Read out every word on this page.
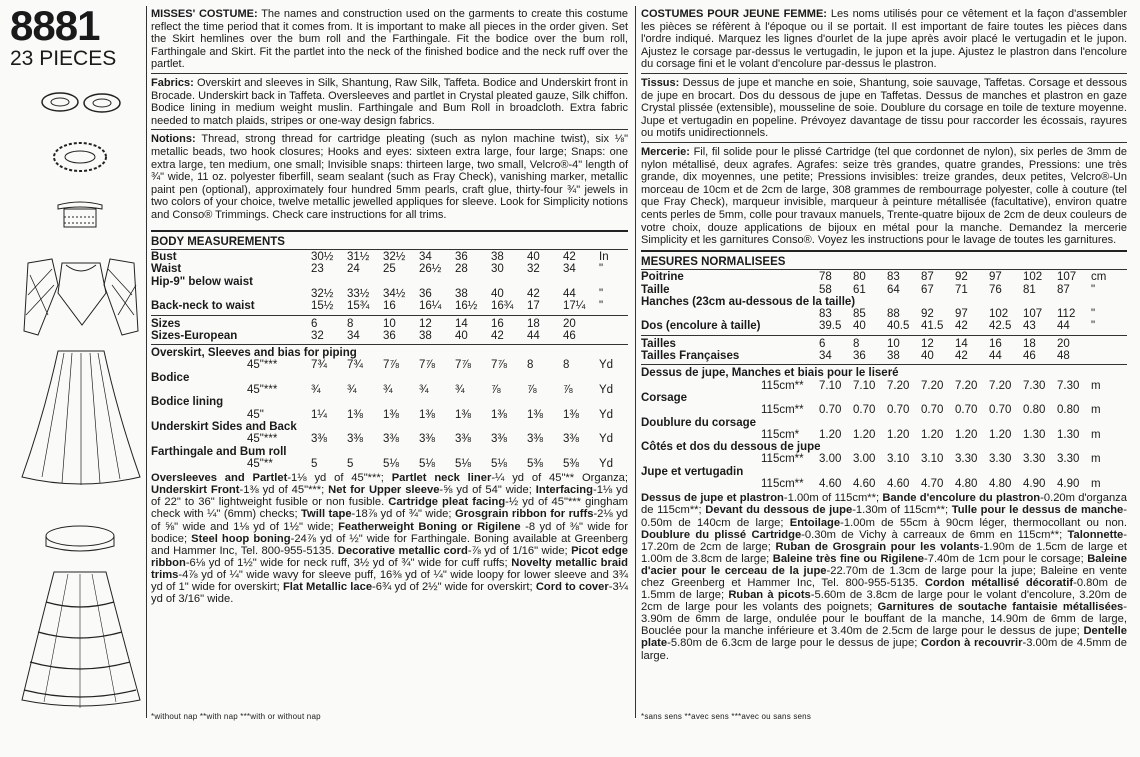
8881
23 PIECES
MISSES' COSTUME: The names and construction used on the garments to create this costume reflect the time period that it comes from. It is important to make all pieces in the order given. Set the Skirt hemlines over the bum roll and the Farthingale. Fit the bodice over the bum roll, Farthingale and Skirt. Fit the partlet into the neck of the finished bodice and the neck ruff over the partlet.
Fabrics: Overskirt and sleeves in Silk, Shantung, Raw Silk, Taffeta. Bodice and Underskirt front in Brocade. Underskirt back in Taffeta. Oversleeves and partlet in Crystal pleated gauze, Silk chiffon. Bodice lining in medium weight muslin. Farthingale and Bum Roll in broadcloth. Extra fabric needed to match plaids, stripes or one-way design fabrics.
Notions: Thread, strong thread for cartridge pleating (such as nylon machine twist), six ⅛" metallic beads, two hook closures; Hooks and eyes: sixteen extra large, four large; Snaps: one extra large, ten medium, one small; Invisible snaps: thirteen large, two small, Velcro®-4" length of ¾" wide, 11 oz. polyester fiberfill, seam sealant (such as Fray Check), vanishing marker, metallic paint pen (optional), approximately four hundred 5mm pearls, craft glue, thirty-four ¾" jewels in two colors of your choice, twelve metallic jewelled appliques for sleeve. Look for Simplicity notions and Conso® Trimmings. Check care instructions for all trims.
BODY MEASUREMENTS
Bust	30½	31½	32½	34	36	38	40	42	In
Waist	23	24	25	26½	28	30	32	34	"
Hip-9" below waist									
	32½	33½	34½	36	38	40	42	44	"
Back-neck to waist	15½	15¾	16	16¼	16½	16¾	17	17¼	"
Sizes	6	8	10	12	14	16	18	20	
Sizes-European	32	34	36	38	40	42	44	46	
Overskirt, Sleeves and bias for piping									
45"***	7¾	7¾	7⅞	7⅞	7⅞	7⅞	8	8	Yd
Bodice									
45"***	¾	¾	¾	¾	¾	⅞	⅞	⅞	Yd
Bodice lining									
45"	1¼	1⅜	1⅜	1⅜	1⅜	1⅜	1⅜	1⅜	Yd
Underskirt Sides and Back									
45"***	3⅜	3⅜	3⅜	3⅜	3⅜	3⅜	3⅜	3⅜	Yd
Farthingale and Bum roll									
45"**	5	5	5⅛	5⅛	5⅛	5⅛	5⅜	5⅜	Yd
Oversleeves and Partlet-1⅛ yd of 45"***; Partlet neck liner-¼ yd of 45"** Organza; Underskirt Front-1⅜ yd of 45"***; Net for Upper sleeve-⅝ yd of 54" wide; Interfacing-1⅛ yd of 22" to 36" lightweight fusible or non fusible. Cartridge pleat facing-½ yd of 45"*** gingham check with ¼" (6mm) checks; Twill tape-18⅞ yd of ¾" wide; Grosgrain ribbon for ruffs-2⅛ yd of ⅝" wide and 1⅛ yd of 1½" wide; Featherweight Boning or Rigilene -8 yd of ⅜" wide for bodice; Steel hoop boning-24⅞ yd of ½" wide for Farthingale. Boning available at Greenberg and Hammer Inc, Tel. 800-955-5135. Decorative metallic cord-⅞ yd of 1/16" wide; Picot edge ribbon-6⅛ yd of 1½" wide for neck ruff, 3½ yd of ¾" wide for cuff ruffs; Novelty metallic braid trims-4⅞ yd of ¼" wide wavy for sleeve puff, 16⅜ yd of ¼" wide loopy for lower sleeve and 3¾ yd of 1" wide for overskirt; Flat Metallic lace-6¾ yd of 2½" wide for overskirt; Cord to cover-3¼ yd of 3/16" wide.
*without nap **with nap ***with or without nap
COSTUMES POUR JEUNE FEMME: Les noms utilisés pour ce vêtement et la façon d'assembler les pièces se réfèrent à l'époque ou il se portait. Il est important de faire toutes les pièces dans l'ordre indiqué. Marquez les lignes d'ourlet de la jupe après avoir placé le vertugadin et le jupon. Ajustez le corsage par-dessus le vertugadin, le jupon et la jupe. Ajustez le plastron dans l'encolure du corsage fini et le volant d'encolure par-dessus le plastron.
Tissus: Dessus de jupe et manche en soie, Shantung, soie sauvage, Taffetas. Corsage et dessous de jupe en brocart. Dos du dessous de jupe en Taffetas. Dessus de manches et plastron en gaze Crystal plissée (extensible), mousseline de soie. Doublure du corsage en toile de texture moyenne. Jupe et vertugadin en popeline. Prévoyez davantage de tissu pour raccorder les écossais, rayures ou motifs unidirectionnels.
Mercerie: Fil, fil solide pour le plissé Cartridge (tel que cordonnet de nylon), six perles de 3mm de nylon métallisé, deux agrafes. Agrafes: seize très grandes, quatre grandes, Pressions: une très grande, dix moyennes, une petite; Pressions invisibles: treize grandes, deux petites, Velcro®-Un morceau de 10cm et de 2cm de large, 308 grammes de rembourrage polyester, colle à couture (tel que Fray Check), marqueur invisible, marqueur à peinture métallisée (facultative), environ quatre cents perles de 5mm, colle pour travaux manuels, Trente-quatre bijoux de 2cm de deux couleurs de votre choix, douze applications de bijoux en métal pour la manche. Demandez la mercerie Simplicity et les garnitures Conso®. Voyez les instructions pour le lavage de toutes les garnitures.
MESURES NORMALISEES
Poitrine	78	80	83	87	92	97	102	107	cm
Taille	58	61	64	67	71	76	81	87	"
Hanches (23cm au-dessous de la taille)									
	83	85	88	92	97	102	107	112	"
Dos (encolure à taille)	39.5	40	40.5	41.5	42	42.5	43	44	"
Tailles	6	8	10	12	14	16	18	20	
Tailles Françaises	34	36	38	40	42	44	46	48	
Dessus de jupe, Manches et biais pour le liseré									
115cm**	7.10	7.10	7.20	7.20	7.20	7.20	7.30	7.30	m
Corsage									
115cm**	0.70	0.70	0.70	0.70	0.70	0.70	0.80	0.80	m
Doublure du corsage									
115cm*	1.20	1.20	1.20	1.20	1.20	1.20	1.30	1.30	m
Côtés et dos du dessous de jupe									
115cm**	3.00	3.00	3.10	3.10	3.30	3.30	3.30	3.30	m
Jupe et vertugadin									
115cm**	4.60	4.60	4.60	4.70	4.80	4.80	4.90	4.90	m
Dessus de jupe et plastron-1.00m of 115cm**; Bande d'encolure du plastron-0.20m d'organza de 115cm**; Devant du dessous de jupe-1.30m of 115cm**; Tulle pour le dessus de manche-0.50m de 140cm de large; Entoilage-1.00m de 55cm à 90cm léger, thermocollant ou non. Doublure du plissé Cartridge-0.30m de Vichy à carreaux de 6mm en 115cm**; Talonnette-17.20m de 2cm de large; Ruban de Grosgrain pour les volants-1.90m de 1.5cm de large et 1.00m de 3.8cm de large; Baleine très fine ou Rigilene-7.40m de 1cm pour le corsage; Baleine d'acier pour le cerceau de la jupe-22.70m de 1.3cm de large pour la jupe; Baleine en vente chez Greenberg et Hammer Inc, Tel. 800-955-5135. Cordon métallisé décoratif-0.80m de 1.5mm de large; Ruban à picots-5.60m de 3.8cm de large pour le volant d'encolure, 3.20m de 2cm de large pour les volants des poignets; Garnitures de soutache fantaisie métallisées-3.90m de 6mm de large, ondulée pour le bouffant de la manche, 14.90m de 6mm de large, Bouclée pour la manche inférieure et 3.40m de 2.5cm de large pour le dessus de jupe; Dentelle plate-5.80m de 6.3cm de large pour le dessus de jupe; Cordon à recouvrir-3.00m de 4.5mm de large.
*sans sens **avec sens ***avec ou sans sens
